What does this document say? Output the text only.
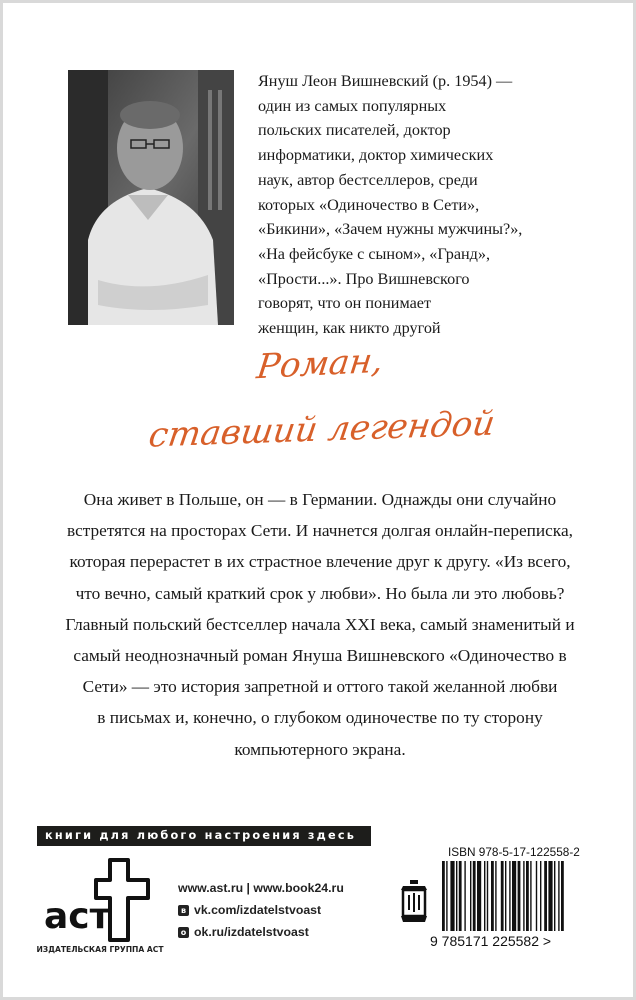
Януш Леон Вишневский (р. 1954) —
один из самых популярных
польских писателей, доктор
информатики, доктор химических
наук, автор бестселлеров, среди
которых «Одиночество в Сети»,
«Бикини», «Зачем нужны мужчины?»,
«На фейсбуке с сыном», «Гранд»,
«Прости...». Про Вишневского
говорят, что он понимает
женщин, как никто другой
Роман,
ставший легендой
Она живет в Польше, он — в Германии. Однажды они случайно
встретятся на просторах Сети. И начнется долгая онлайн-переписка,
которая перерастет в их страстное влечение друг к другу. «Из всего,
что вечно, самый краткий срок у любви». Но была ли это любовь?
Главный польский бестселлер начала XXI века, самый знаменитый и
самый неоднозначный роман Януша Вишневского «Одиночество в
Сети» — это история запретной и оттого такой желанной любви
в письмах и, конечно, о глубоком одиночестве по ту сторону
компьютерного экрана.
книги для любого настроения здесь
аст
ИЗДАТЕЛЬСКАЯ ГРУППА АСТ
www.ast.ru | www.book24.ru
в vk.com/izdatelstvoast
о ok.ru/izdatelstvoast
ISBN 978-5-17-122558-2
9 785171 225582 >
